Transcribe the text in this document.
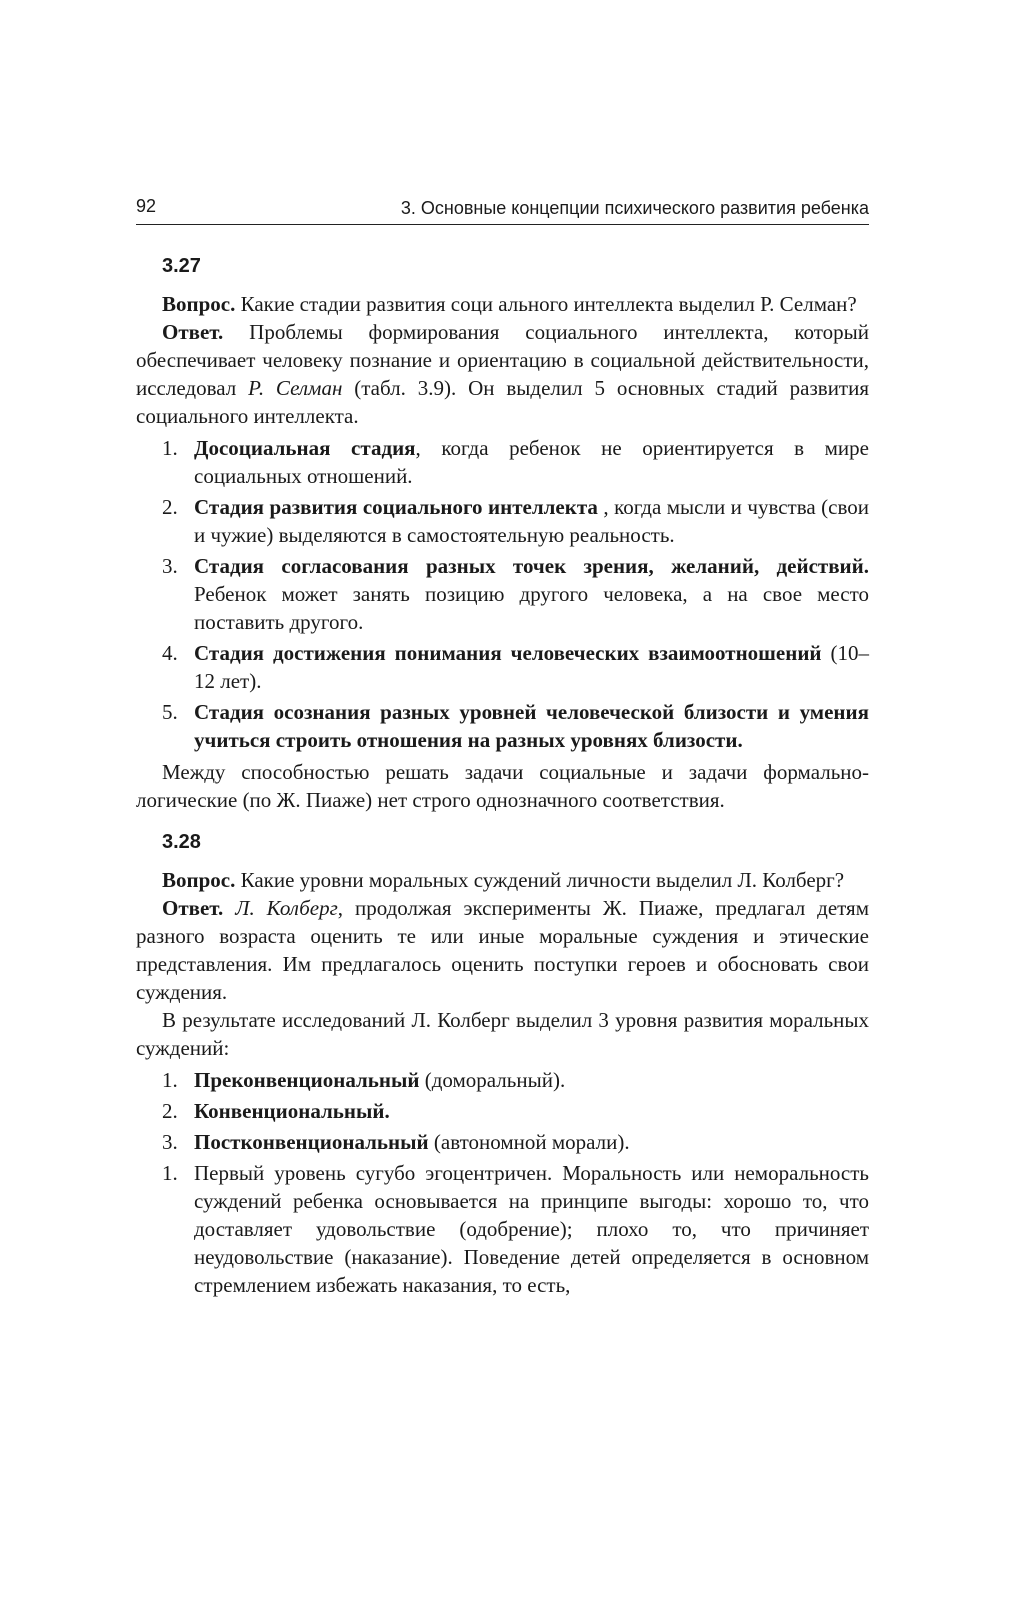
92	3. Основные концепции психического развития ребенка
3.27

Вопрос. Какие стадии развития соци ального интеллекта выделил Р. Селман?

Ответ. Проблемы формирования социального интеллекта, который обеспечивает человеку познание и ориентацию в социальной действительности, исследовал Р. Селман (табл. 3.9). Он выделил 5 основных стадий развития социального интеллекта.

1. Досоциальная стадия, когда ребенок не ориентируется в мире социальных отношений.
2. Стадия развития социального интеллекта , когда мысли и чувства (свои и чужие) выделяются в самостоятельную реальность.
3. Стадия согласования разных точек зрения, желаний, действий. Ребенок может занять позицию другого человека, а на свое место поставить другого.
4. Стадия достижения понимания человеческих взаимоотношений (10–12 лет).
5. Стадия осознания разных уровней человеческой близости и умения учиться строить отношения на разных уровнях близости.

Между способностью решать задачи социальные и задачи формально-логические (по Ж. Пиаже) нет строго однозначного соответствия.

3.28

Вопрос. Какие уровни моральных суждений личности выделил Л. Колберг?

Ответ. Л. Колберг, продолжая эксперименты Ж. Пиаже, предлагал детям разного возраста оценить те или иные моральные суждения и этические представления. Им предлагалось оценить поступки героев и обосновать свои суждения.

В результате исследований Л. Колберг выделил 3 уровня развития моральных суждений:

1. Преконвенциональный (доморальный).
2. Конвенциональный.
3. Постконвенциональный (автономной морали).
1. Первый уровень сугубо эгоцентричен. Моральность или неморальность суждений ребенка основывается на принципе выгоды: хорошо то, что доставляет удовольствие (одобрение); плохо то, что причиняет неудовольствие (наказание). Поведение детей определяется в основном стремлением избежать наказания, то есть,
